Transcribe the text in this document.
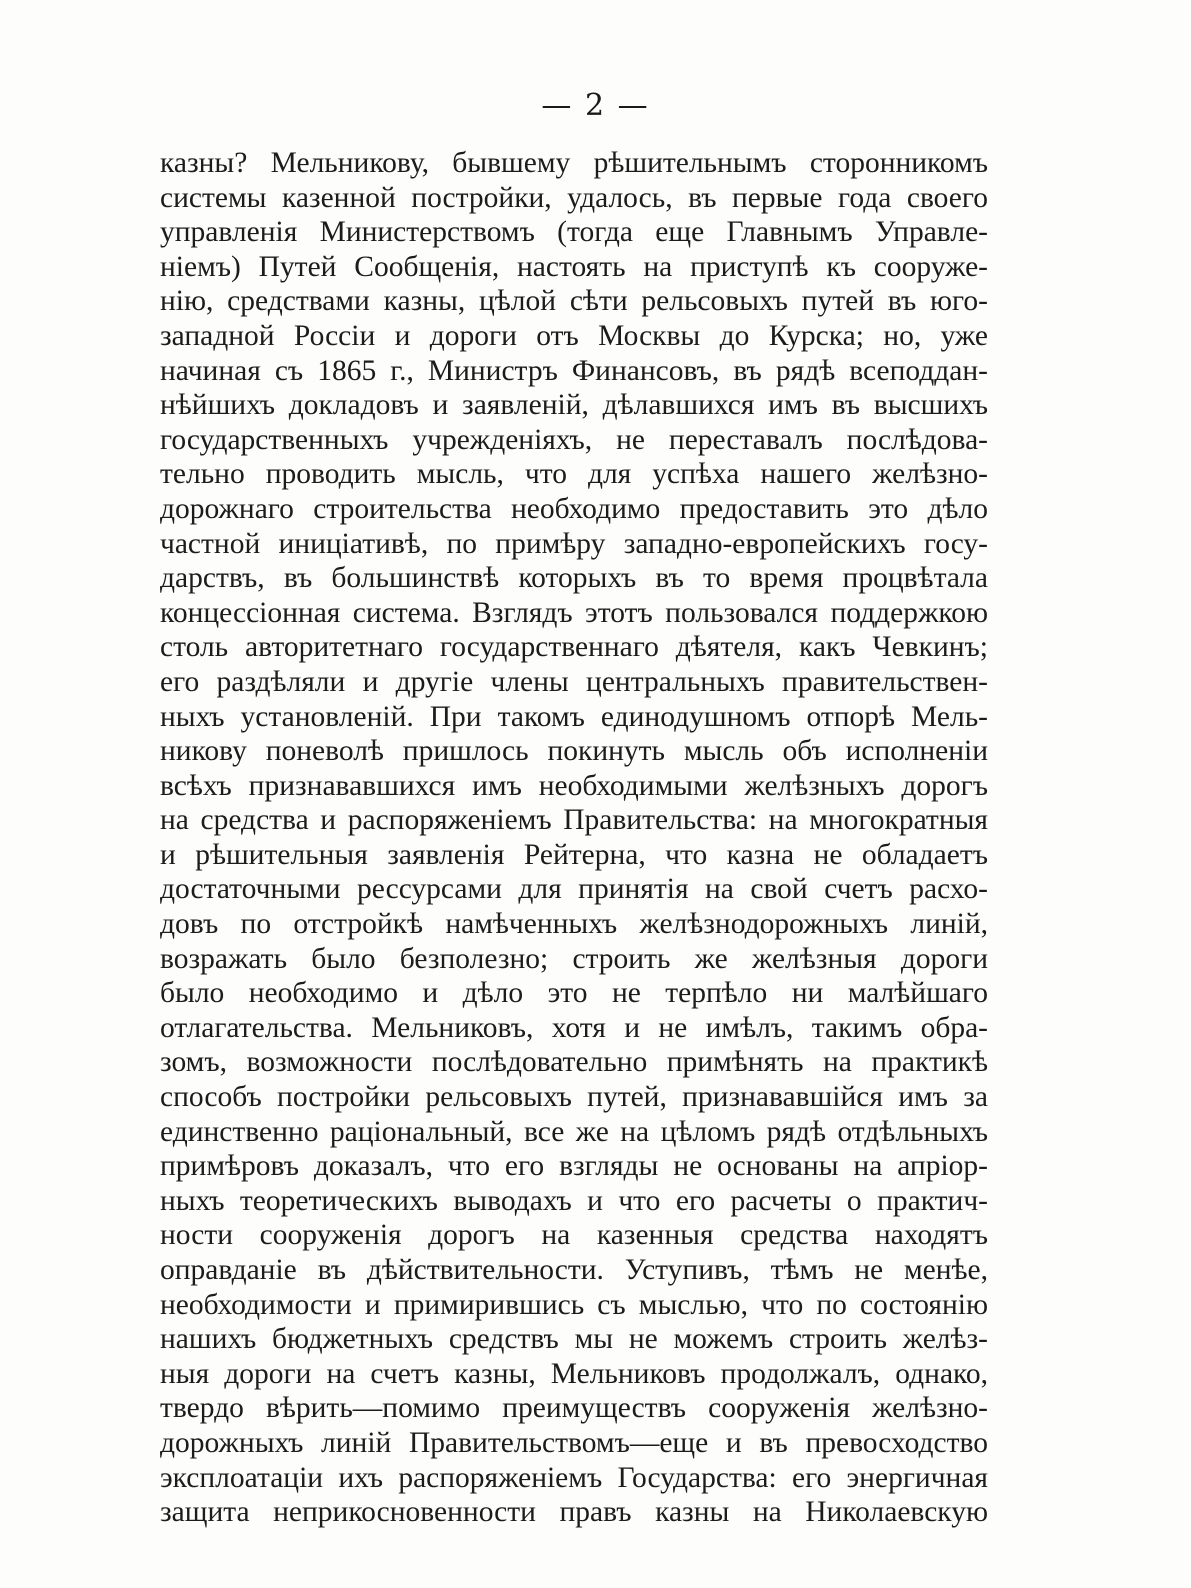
— 2 —
казны? Мельникову, бывшему рѣшительнымъ сторонникомъ
системы казенной постройки, удалось, въ первые года своего
управленія Министерствомъ (тогда еще Главнымъ Управле-
ніемъ) Путей Сообщенія, настоять на приступѣ къ сооруже-
нію, средствами казны, цѣлой сѣти рельсовыхъ путей въ юго-
западной Россіи и дороги отъ Москвы до Курска; но, уже
начиная съ 1865 г., Министръ Финансовъ, въ рядѣ всеподдан-
нѣйшихъ докладовъ и заявленій, дѣлавшихся имъ въ высшихъ
государственныхъ учрежденіяхъ, не переставалъ послѣдова-
тельно проводить мысль, что для успѣха нашего желѣзно-
дорожнаго строительства необходимо предоставить это дѣло
частной иниціативѣ, по примѣру западно-европейскихъ госу-
дарствъ, въ большинствѣ которыхъ въ то время процвѣтала
концессіонная система. Взглядъ этотъ пользовался поддержкою
столь авторитетнаго государственнаго дѣятеля, какъ Чевкинъ;
его раздѣляли и другіе члены центральныхъ правительствен-
ныхъ установленій. При такомъ единодушномъ отпорѣ Мель-
никову поневолѣ пришлось покинуть мысль объ исполненіи
всѣхъ признававшихся имъ необходимыми желѣзныхъ дорогъ
на средства и распоряженіемъ Правительства: на многократныя
и рѣшительныя заявленія Рейтерна, что казна не обладаетъ
достаточными рессурсами для принятія на свой счетъ расхо-
довъ по отстройкѣ намѣченныхъ желѣзнодорожныхъ линій,
возражать было безполезно; строить же желѣзныя дороги
было необходимо и дѣло это не терпѣло ни малѣйшаго
отлагательства. Мельниковъ, хотя и не имѣлъ, такимъ обра-
зомъ, возможности послѣдовательно примѣнять на практикѣ
способъ постройки рельсовыхъ путей, признававшійся имъ за
единственно раціональный, все же на цѣломъ рядѣ отдѣльныхъ
примѣровъ доказалъ, что его взгляды не основаны на апріор-
ныхъ теоретическихъ выводахъ и что его расчеты о практич-
ности сооруженія дорогъ на казенныя средства находятъ
оправданіе въ дѣйствительности. Уступивъ, тѣмъ не менѣе,
необходимости и примирившись съ мыслью, что по состоянію
нашихъ бюджетныхъ средствъ мы не можемъ строить желѣз-
ныя дороги на счетъ казны, Мельниковъ продолжалъ, однако,
твердо вѣрить—помимо преимуществъ сооруженія желѣзно-
дорожныхъ линій Правительствомъ—еще и въ превосходство
эксплоатаціи ихъ распоряженіемъ Государства: его энергичная
защита неприкосновенности правъ казны на Николаевскую
